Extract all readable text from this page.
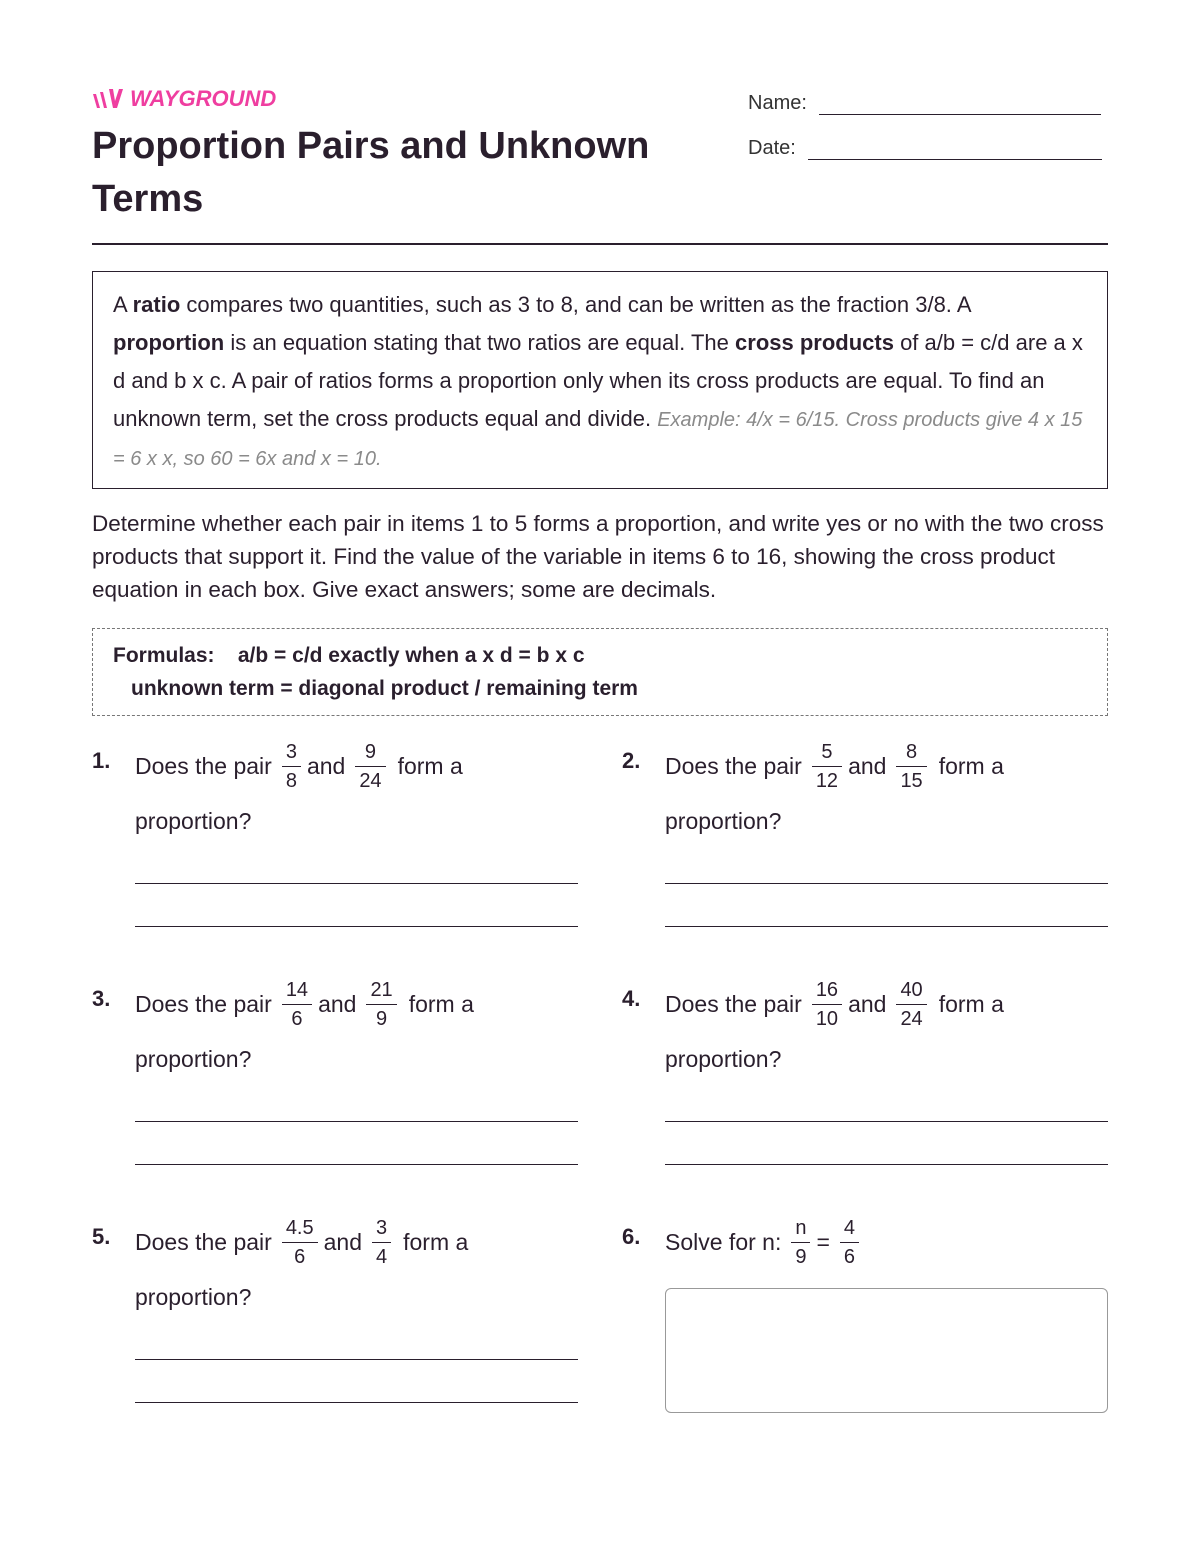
WAYGROUND
Proportion Pairs and Unknown Terms
Name:
Date:
A ratio compares two quantities, such as 3 to 8, and can be written as the fraction 3/8. A proportion is an equation stating that two ratios are equal. The cross products of a/b = c/d are a x d and b x c. A pair of ratios forms a proportion only when its cross products are equal. To find an unknown term, set the cross products equal and divide. Example: 4/x = 6/15. Cross products give 4 x 15 = 6 x x, so 60 = 6x and x = 10.
Determine whether each pair in items 1 to 5 forms a proportion, and write yes or no with the two cross products that support it. Find the value of the variable in items 6 to 16, showing the cross product equation in each box. Give exact answers; some are decimals.
Formulas: a/b = c/d exactly when a x d = b x c
unknown term = diagonal product / remaining term
1. Does the pair $\frac{3}{8}$ and $\frac{9}{24}$ form a
proportion?
2. Does the pair $\frac{5}{12}$ and $\frac{8}{15}$ form a
proportion?
3. Does the pair $\frac{14}{6}$ and $\frac{21}{9}$ form a
proportion?
4. Does the pair $\frac{16}{10}$ and $\frac{40}{24}$ form a
proportion?
5. Does the pair $\frac{4.5}{6}$ and $\frac{3}{4}$ form a
proportion?
6. Solve for n: $\frac{n}{9} = \frac{4}{6}$
